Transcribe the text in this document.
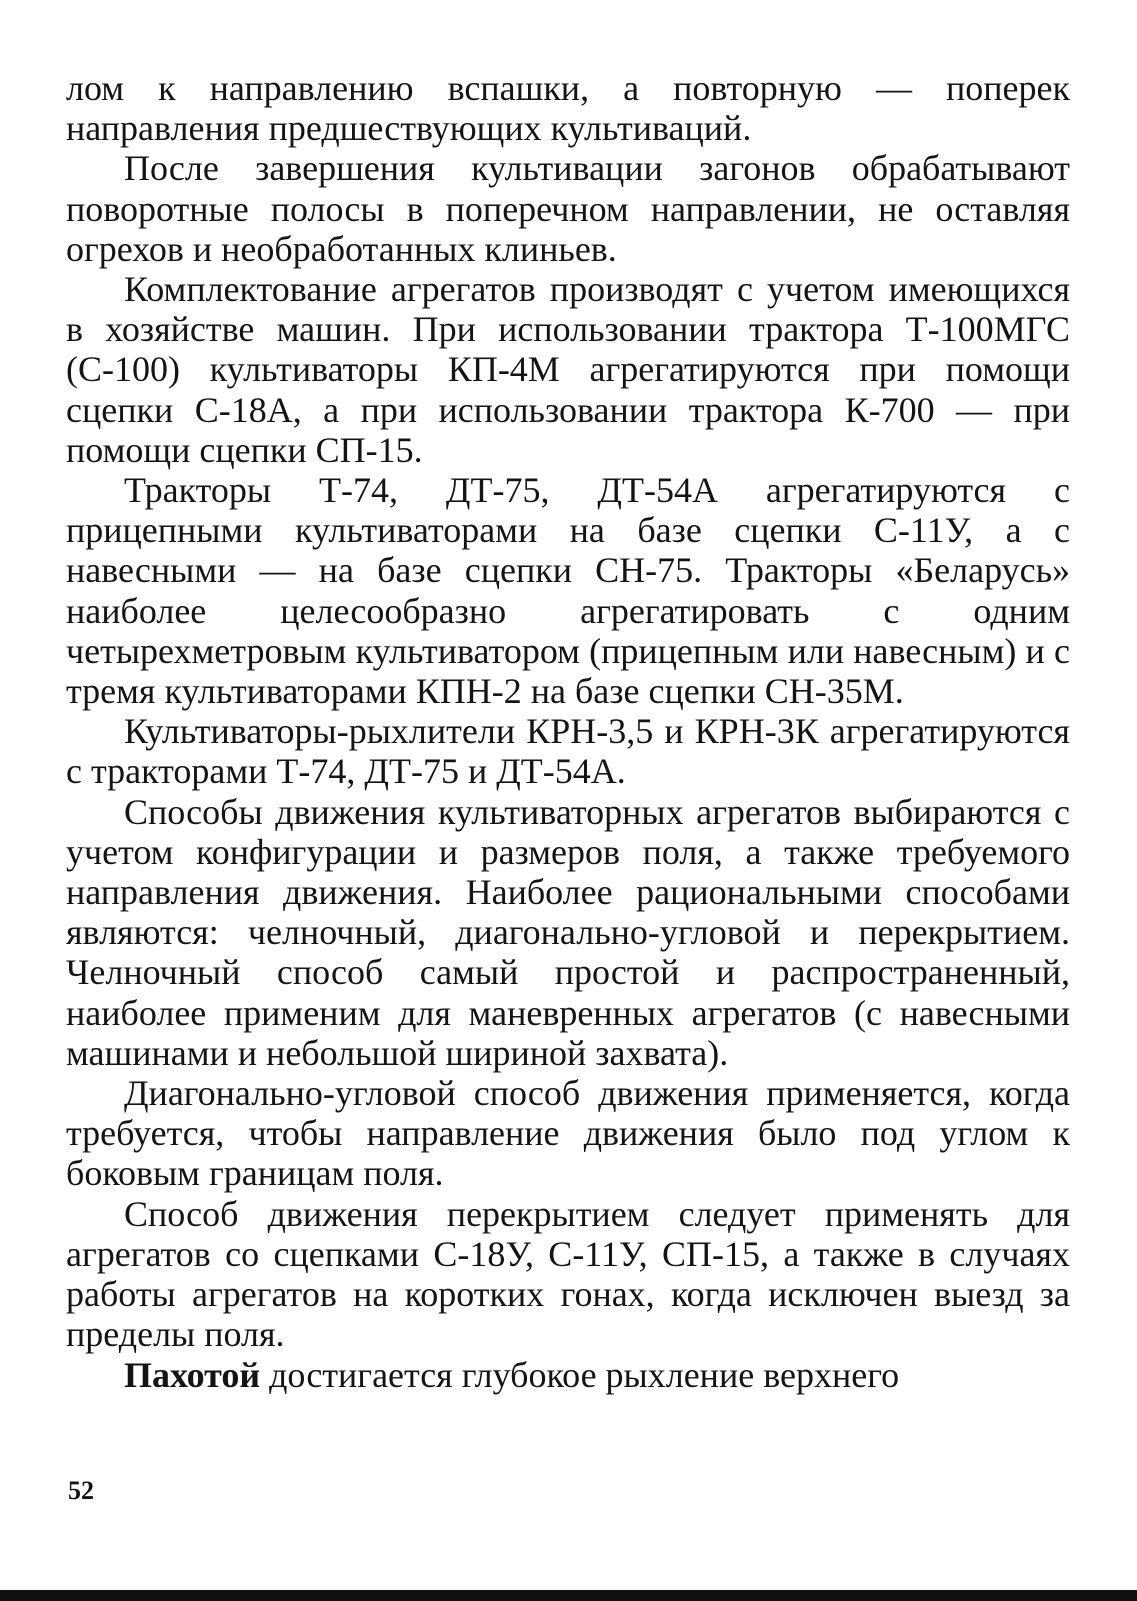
лом к направлению вспашки, а повторную — поперек направления предшествующих культиваций.

После завершения культивации загонов обрабатывают поворотные полосы в поперечном направлении, не оставляя огрехов и необработанных клиньев.

Комплектование агрегатов производят с учетом имеющихся в хозяйстве машин. При использовании трактора Т-100МГС (С-100) культиваторы КП-4М агрегатируются при помощи сцепки С-18А, а при использовании трактора К-700 — при помощи сцепки СП-15.

Тракторы Т-74, ДТ-75, ДТ-54А агрегатируются с прицепными культиваторами на базе сцепки С-11У, а с навесными — на базе сцепки СН-75. Тракторы «Беларусь» наиболее целесообразно агрегатировать с одним четырехметровым культиватором (прицепным или навесным) и с тремя культиваторами КПН-2 на базе сцепки СН-35М.

Культиваторы-рыхлители КРН-3,5 и КРН-3К агрегатируются с тракторами Т-74, ДТ-75 и ДТ-54А.

Способы движения культиваторных агрегатов выбираются с учетом конфигурации и размеров поля, а также требуемого направления движения. Наиболее рациональными способами являются: челночный, диагонально-угловой и перекрытием. Челночный способ самый простой и распространенный, наиболее применим для маневренных агрегатов (с навесными машинами и небольшой шириной захвата).

Диагонально-угловой способ движения применяется, когда требуется, чтобы направление движения было под углом к боковым границам поля.

Способ движения перекрытием следует применять для агрегатов со сцепками С-18У, С-11У, СП-15, а также в случаях работы агрегатов на коротких гонах, когда исключен выезд за пределы поля.

Пахотой достигается глубокое рыхление верхнего

52
